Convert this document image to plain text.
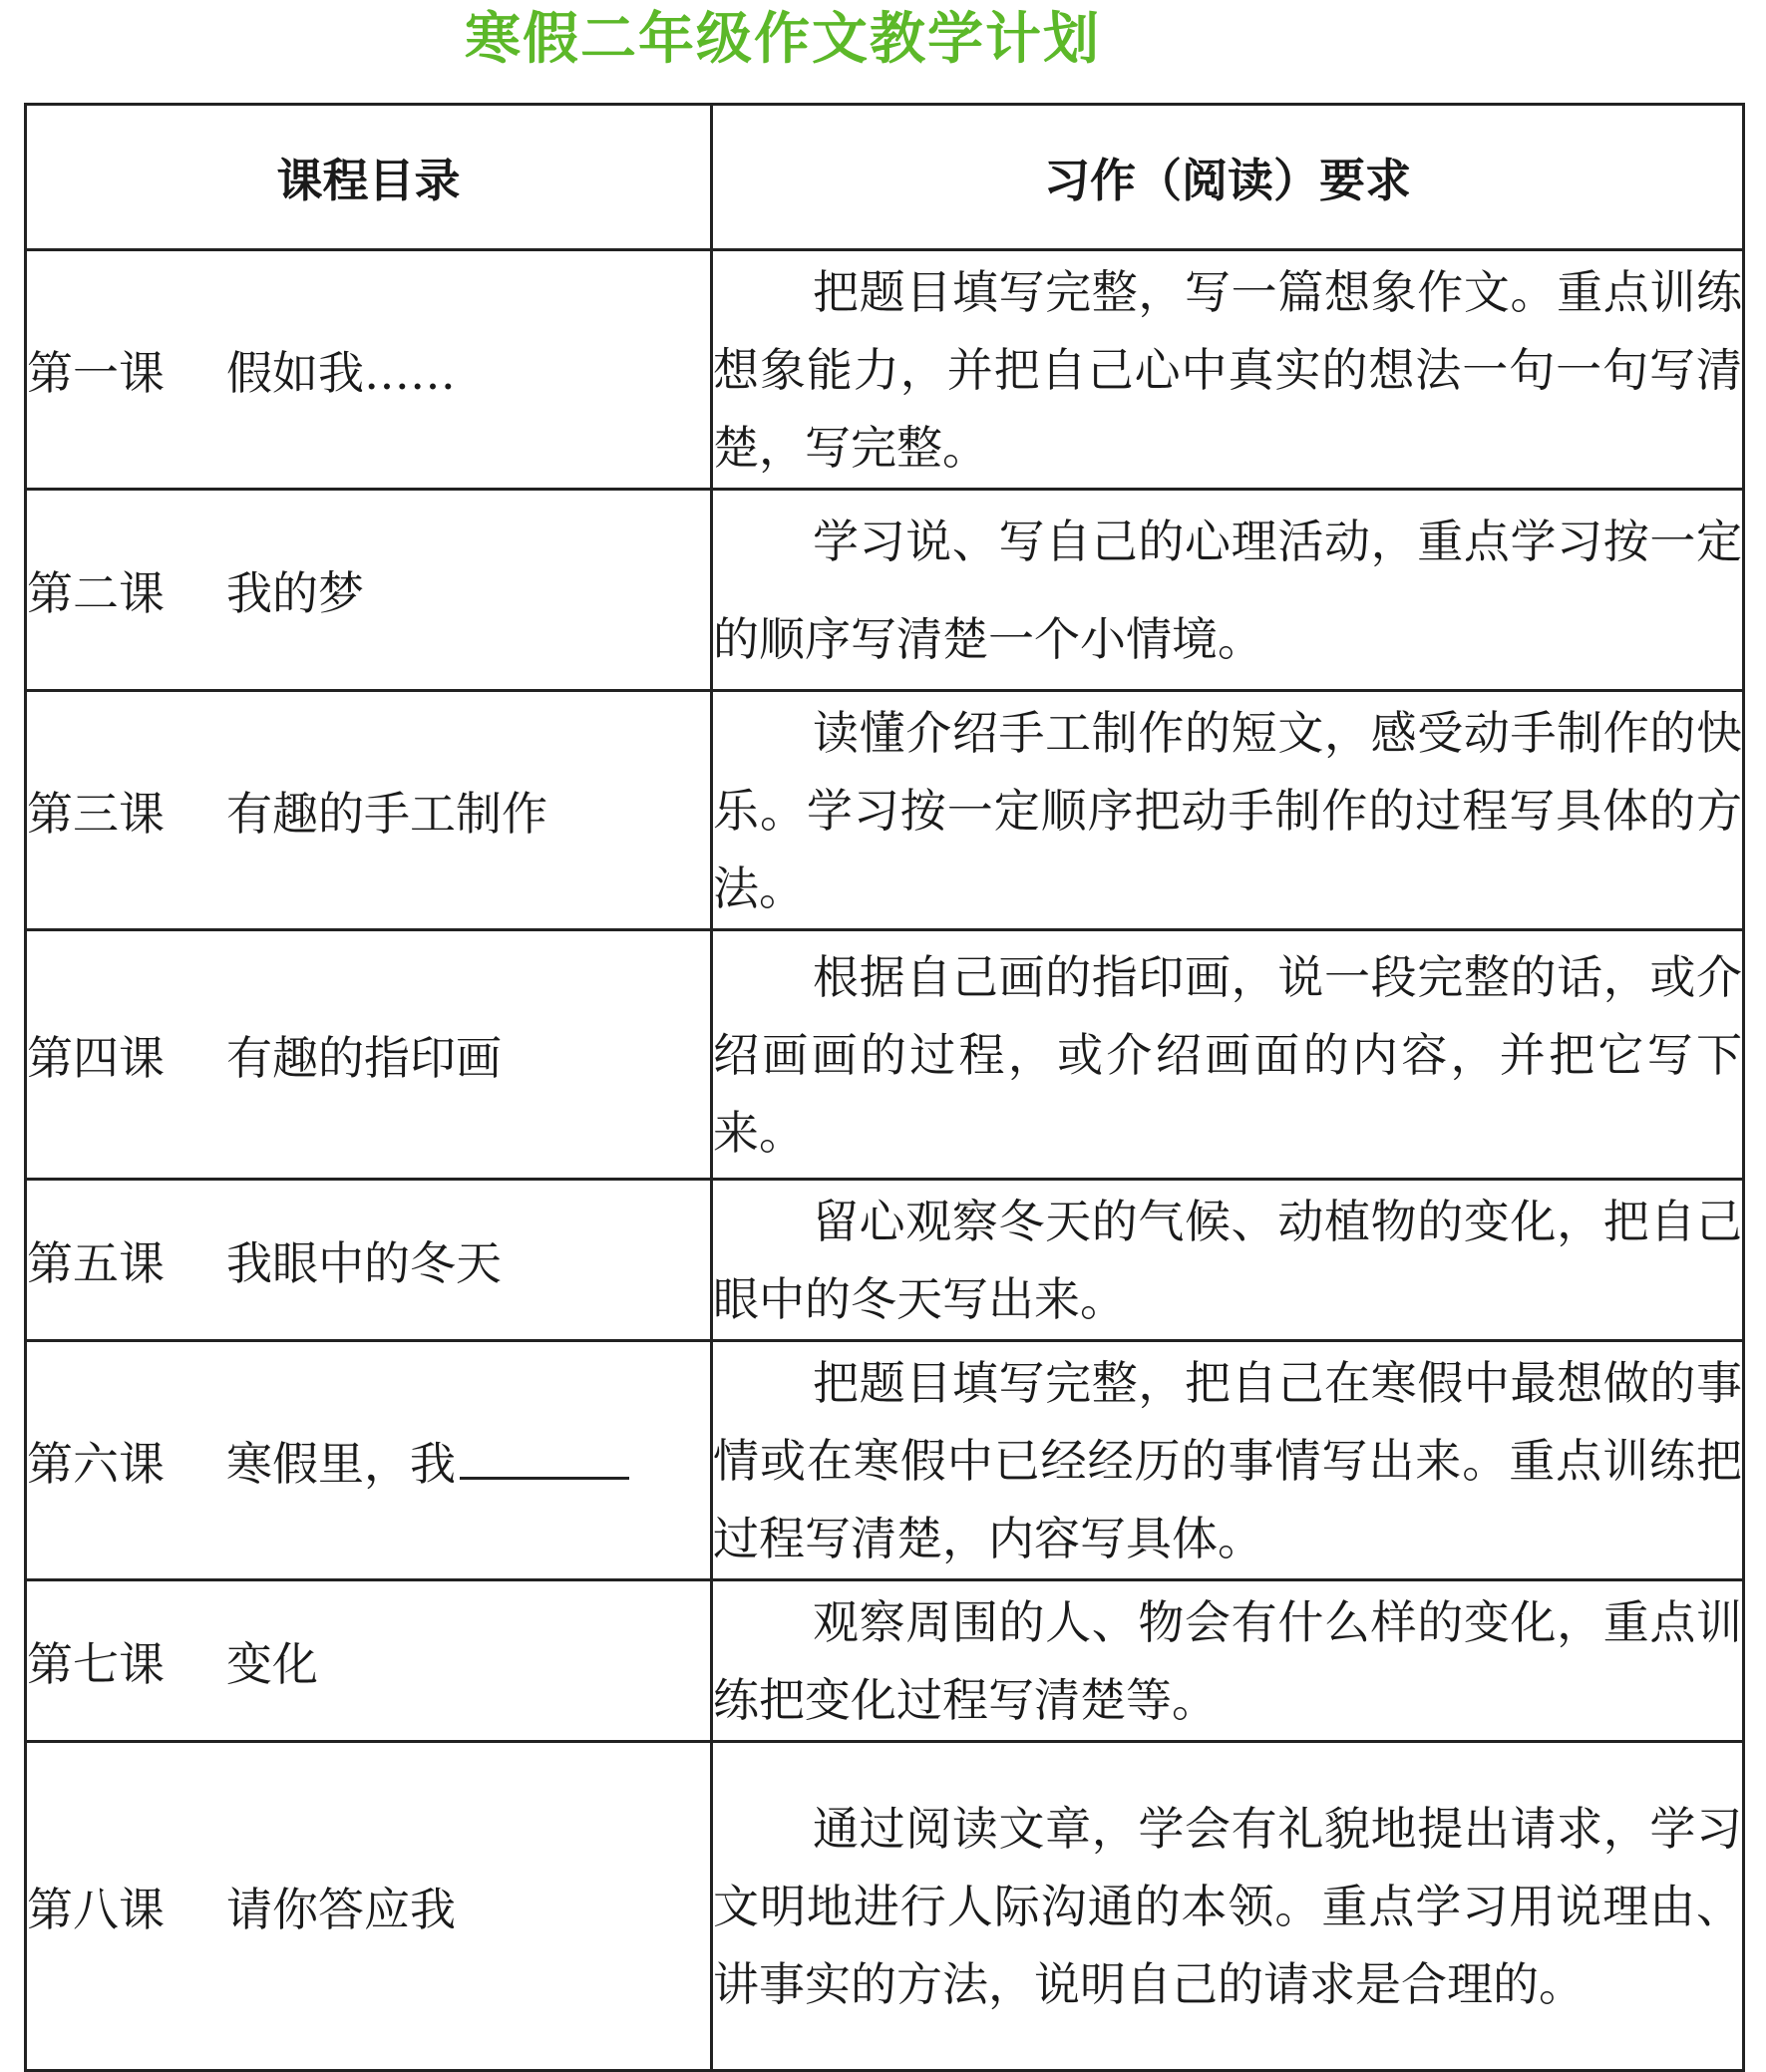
寒假二年级作文教学计划
课程目录	习作（阅读）要求
第一课 假如我……	把题目填写完整，写一篇想象作文。重点训练想象能力，并把自己心中真实的想法一句一句写清楚，写完整。
第二课 我的梦	学习说、写自己的心理活动，重点学习按一定的顺序写清楚一个小情境。
第三课 有趣的手工制作	读懂介绍手工制作的短文，感受动手制作的快乐。学习按一定顺序把动手制作的过程写具体的方法。
第四课 有趣的指印画	根据自己画的指印画，说一段完整的话，或介绍画画的过程，或介绍画面的内容，并把它写下来。
第五课 我眼中的冬天	留心观察冬天的气候、动植物的变化，把自己眼中的冬天写出来。
第六课 寒假里，我	把题目填写完整，把自己在寒假中最想做的事情或在寒假中已经经历的事情写出来。重点训练把过程写清楚，内容写具体。
第七课 变化	观察周围的人、物会有什么样的变化，重点训练把变化过程写清楚等。
第八课 请你答应我	通过阅读文章，学会有礼貌地提出请求，学习文明地进行人际沟通的本领。重点学习用说理由、讲事实的方法，说明自己的请求是合理的。
